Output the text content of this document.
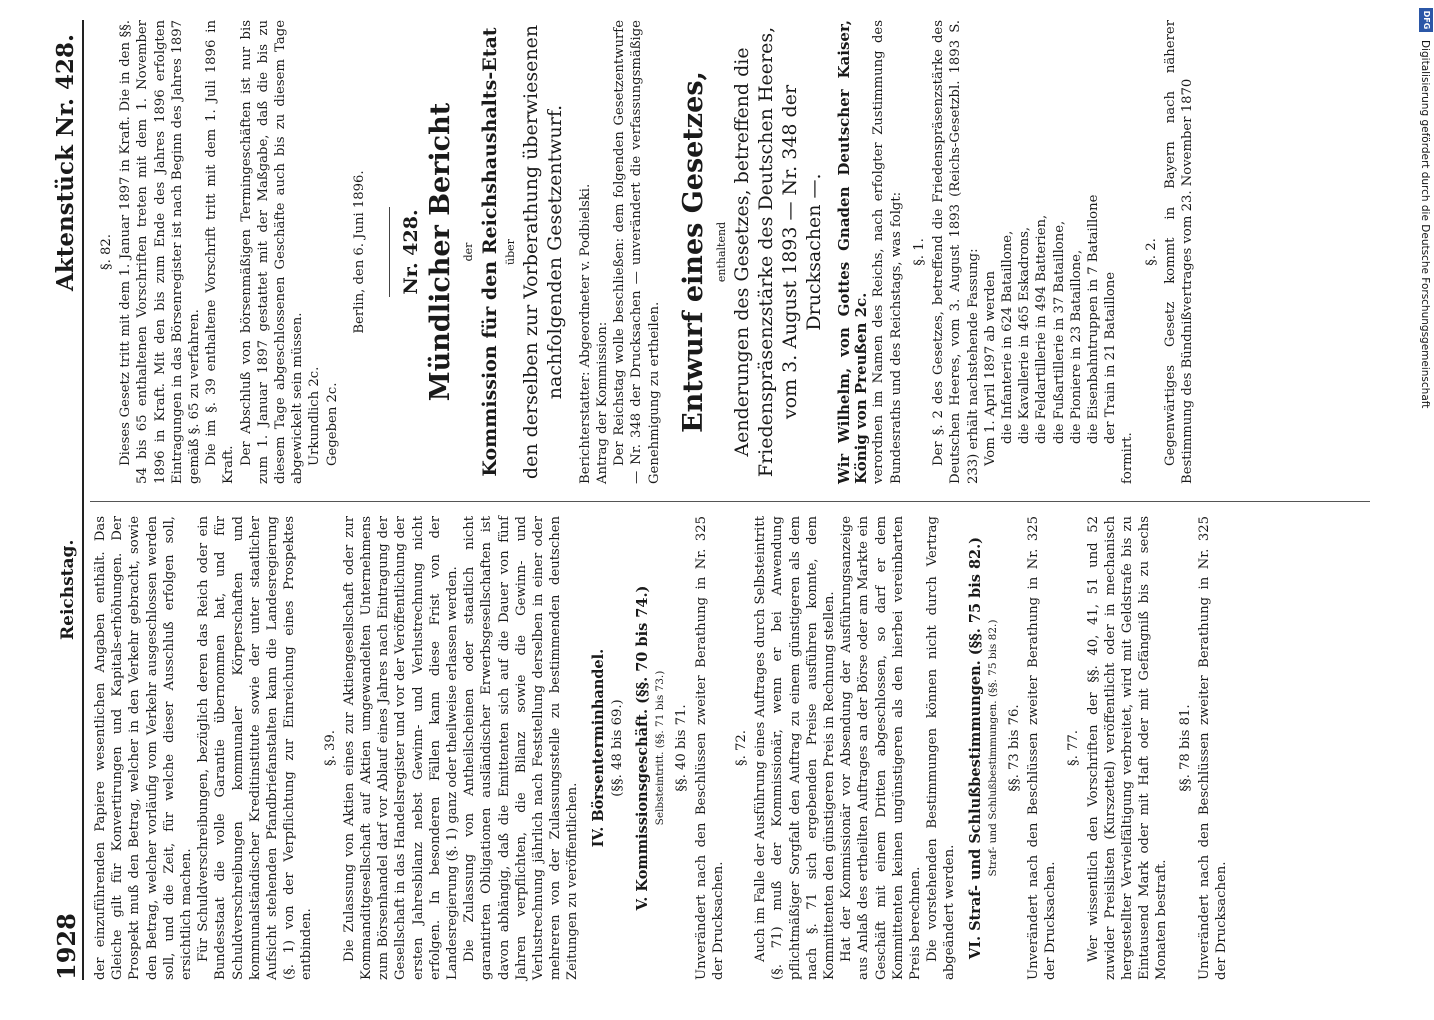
1928
Reichstag.
Aktenstück Nr. 428.

der einzuführenden Papiere wesentlichen Angaben enthält. Das Gleiche gilt für Konvertirungen und Kapitals-erhöhungen. Der Prospekt muß den Betrag, welcher in den Verkehr gebracht, sowie den Betrag, welcher vorläufig vom Verkehr ausgeschlossen werden soll, und die Zeit, für welche dieser Ausschluß erfolgen soll, ersichtlich machen. Für Schuldverschreibungen, bezüglich deren das Reich oder ein Bundesstaat die volle Garantie übernommen hat, und für Schuldverschreibungen kommunaler Körperschaften und kommunalständischer Kreditinstitute sowie der unter staatlicher Aufsicht stehenden Pfandbriefanstalten kann die Landesregierung (§. 1) von der Verpflichtung zur Einreichung eines Prospektes entbinden.

§. 39. Die Zulassung von Aktien eines zur Aktiengesellschaft oder zur Kommanditgesellschaft auf Aktien umgewandelten Unternehmens zum Börsenhandel darf vor Ablauf eines Jahres nach Eintragung der Gesellschaft in das Handelsregister und vor der Veröffentlichung der ersten Jahresbilanz nebst Gewinn- und Verlustrechnung nicht erfolgen. In besonderen Fällen kann diese Frist von der Landesregierung (§. 1) ganz oder theilweise erlassen werden. Die Zulassung von Antheilscheinen oder staatlich nicht garantirten Obligationen ausländischer Erwerbsgesellschaften ist davon abhängig, daß die Emittenten sich auf die Dauer von fünf Jahren verpflichten, die Bilanz sowie die Gewinn- und Verlustrechnung jährlich nach Feststellung derselben in einer oder mehreren von der Zulassungsstelle zu bestimmenden deutschen Zeitungen zu veröffentlichen.

IV. Börsenterminhandel. (§§. 48 bis 69.) V. Kommissionsgeschäft. (§§. 70 bis 74.) Selbsteintritt. (§§. 71 bis 73.) §§. 40 bis 71. Unverändert nach den Beschlüssen zweiter Berathung in Nr. 325 der Drucksachen.

§. 72. Auch im Falle der Ausführung eines Auftrages durch Selbsteintritt (§. 71) muß der Kommissionär, wenn er bei Anwendung pflichtmäßiger Sorgfalt den Auftrag zu einem günstigeren als dem nach §. 71 sich ergebenden Preise ausführen konnte, dem Kommittenten den günstigeren Preis in Rechnung stellen. Hat der Kommissionär vor Absendung der Ausführungsanzeige aus Anlaß des ertheilten Auftrages an der Börse oder am Markte ein Geschäft mit einem Dritten abgeschlossen, so darf er dem Kommittenten keinen ungünstigeren als den hierbei vereinbarten Preis berechnen. Die vorstehenden Bestimmungen können nicht durch Vertrag abgeändert werden. VI. Straf- und Schlußbestimmungen. (§§. 75 bis 82.) Straf- und Schlußbestimmungen. (§§. 75 bis 82.) §§. 73 bis 76. Unverändert nach den Beschlüssen zweiter Berathung in Nr. 325 der Drucksachen.

§. 77. Wer wissentlich den Vorschriften der §§. 40, 41, 51 und 52 zuwider Preislisten (Kurszettel) veröffentlicht oder in mechanisch hergestellter Vervielfältigung verbreitet, wird mit Geldstrafe bis zu Eintausend Mark oder mit Haft oder mit Gefängniß bis zu sechs Monaten bestraft.

§§. 78 bis 81. Unverändert nach den Beschlüssen zweiter Berathung in Nr. 325 der Drucksachen.

§. 82. Dieses Gesetz tritt mit dem 1. Januar 1897 in Kraft. Die in den §§. 54 bis 65 enthaltenen Vorschriften treten mit dem 1. November 1896 in Kraft. Mit den bis zum Ende des Jahres 1896 erfolgten Eintragungen in das Börsenregister ist nach Beginn des Jahres 1897 gemäß §. 65 zu verfahren. Die im §. 39 enthaltene Vorschrift tritt mit dem 1. Juli 1896 in Kraft. Der Abschluß von börsenmäßigen Termingeschäften ist nur bis zum 1. Januar 1897 gestattet mit der Maßgabe, daß die bis zu diesem Tage abgeschlossenen Geschäfte auch bis zu diesem Tage abgewickelt sein müssen. Urkundlich 2c. Gegeben 2c.

Berlin, den 6. Juni 1896. Nr. 428. Mündlicher Bericht der Kommission für den Reichshaushalts-Etat über den derselben zur Vorberathung überwiesenen nachfolgenden Gesetzentwurf. Berichterstatter: Abgeordneter v. Podbielski. Antrag der Kommission: Der Reichstag wolle beschließen: dem folgenden Gesetzentwurfe — Nr. 348 der Drucksachen — unverändert die verfassungsmäßige Genehmigung zu ertheilen. Entwurf eines Gesetzes, enthaltend Aenderungen des Gesetzes, betreffend die Friedenspräsenzstärke des Deutschen Heeres, vom 3. August 1893 — Nr. 348 der Drucksachen —. Wir Wilhelm, von Gottes Gnaden Deutscher Kaiser, König von Preußen 2c. verordnen im Namen des Reichs, nach erfolgter Zustimmung des Bundesraths und des Reichstags, was folgt: §. 1. Der §. 2 des Gesetzes, betreffend die Friedenspräsenzstärke des Deutschen Heeres, vom 3. August 1893 (Reichs-Gesetzbl. 1893 S. 233) erhält nachstehende Fassung: Vom 1. April 1897 ab werden die Infanterie in 624 Bataillone, die Kavallerie in 465 Eskadrons, die Feldartillerie in 494 Batterien, die Fußartillerie in 37 Bataillone, die Pioniere in 23 Bataillone, die Eisenbahntruppen in 7 Bataillone der Train in 21 Bataillone

formirt.

§. 2. Gegenwärtiges Gesetz kommt in Bayern nach näherer Bestimmung des Bündnißvertrages vom 23. November 1870

DFG
Digitalisierung gefördert durch die Deutsche Forschungsgemeinschaft
